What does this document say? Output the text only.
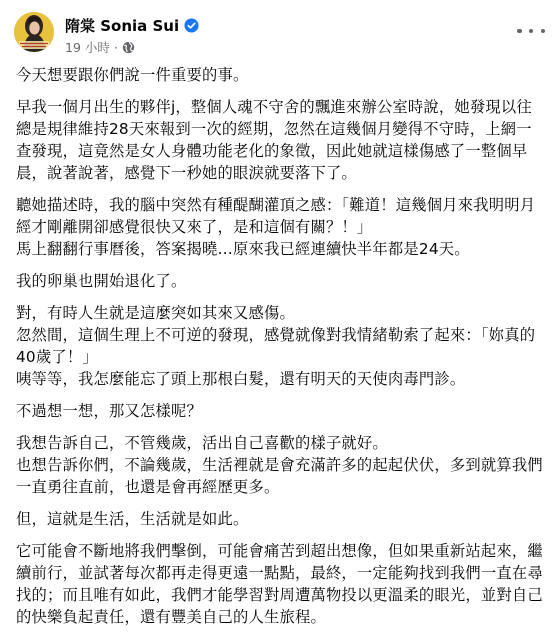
隋棠 Sonia Sui
19 小時 ·

今天想要跟你們說一件重要的事。

早我一個月出生的夥伴j，整個人魂不守舍的飄進來辦公室時說，她發現以往總是規律維持28天來報到一次的經期，忽然在這幾個月變得不守時，上網一查發現，這竟然是女人身體功能老化的象徵，因此她就這樣傷感了一整個早晨，說著說著，感覺下一秒她的眼淚就要落下了。

聽她描述時，我的腦中突然有種醍醐灌頂之感：「難道！這幾個月來我明明月經才剛離開卻感覺很快又來了，是和這個有關？！」
馬上翻翻行事曆後，答案揭曉…原來我已經連續快半年都是24天。

我的卵巢也開始退化了。

對，有時人生就是這麼突如其來又感傷。
忽然間，這個生理上不可逆的發現，感覺就像對我情緒勒索了起來：「妳真的40歲了！」
咦等等，我怎麼能忘了頭上那根白髮，還有明天的天使肉毒門診。

不過想一想，那又怎樣呢？

我想告訴自己，不管幾歲，活出自己喜歡的樣子就好。
也想告訴你們，不論幾歲，生活裡就是會充滿許多的起起伏伏，多到就算我們一直勇往直前，也還是會再經歷更多。

但，這就是生活，生活就是如此。

它可能會不斷地將我們擊倒，可能會痛苦到超出想像，但如果重新站起來，繼續前行，並試著每次都再走得更遠一點點，最終，一定能夠找到我們一直在尋找的；而且唯有如此，我們才能學習對周遭萬物投以更溫柔的眼光，並對自己的快樂負起責任，還有豐美自己的人生旅程。
